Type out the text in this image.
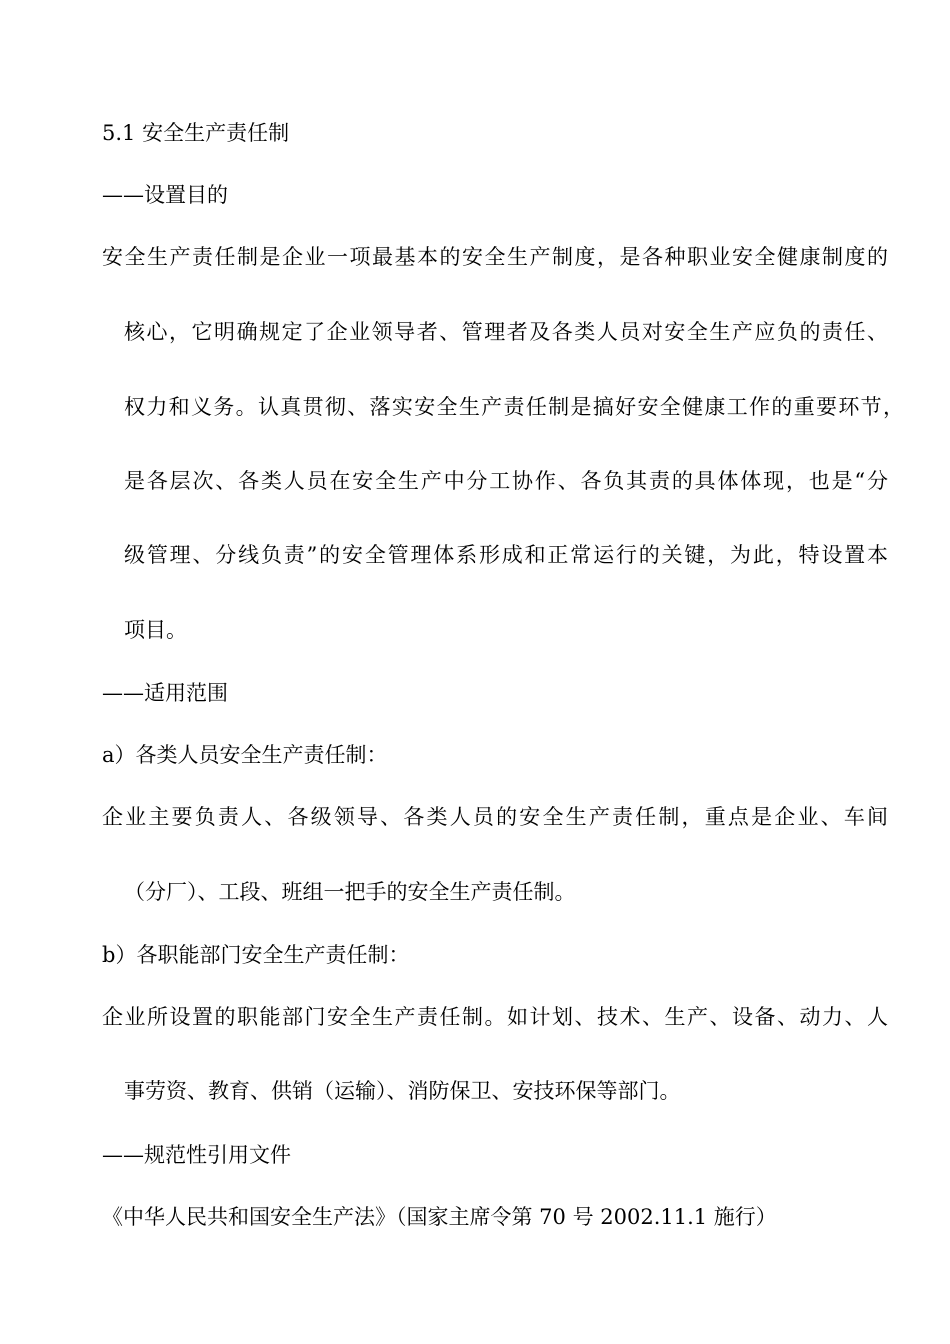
5.1 安全生产责任制

——设置目的

安全生产责任制是企业一项最基本的安全生产制度，是各种职业安全健康制度的

核心，它明确规定了企业领导者、管理者及各类人员对安全生产应负的责任、

权力和义务。认真贯彻、落实安全生产责任制是搞好安全健康工作的重要环节，

是各层次、各类人员在安全生产中分工协作、各负其责的具体体现，也是“分

级管理、分线负责”的安全管理体系形成和正常运行的关键，为此，特设置本

项目。

——适用范围

a）各类人员安全生产责任制：

企业主要负责人、各级领导、各类人员的安全生产责任制，重点是企业、车间

（分厂）、工段、班组一把手的安全生产责任制。

b）各职能部门安全生产责任制：

企业所设置的职能部门安全生产责任制。如计划、技术、生产、设备、动力、人

事劳资、教育、供销（运输）、消防保卫、安技环保等部门。

——规范性引用文件

《中华人民共和国安全生产法》（国家主席令第 70 号 2002.11.1 施行）
